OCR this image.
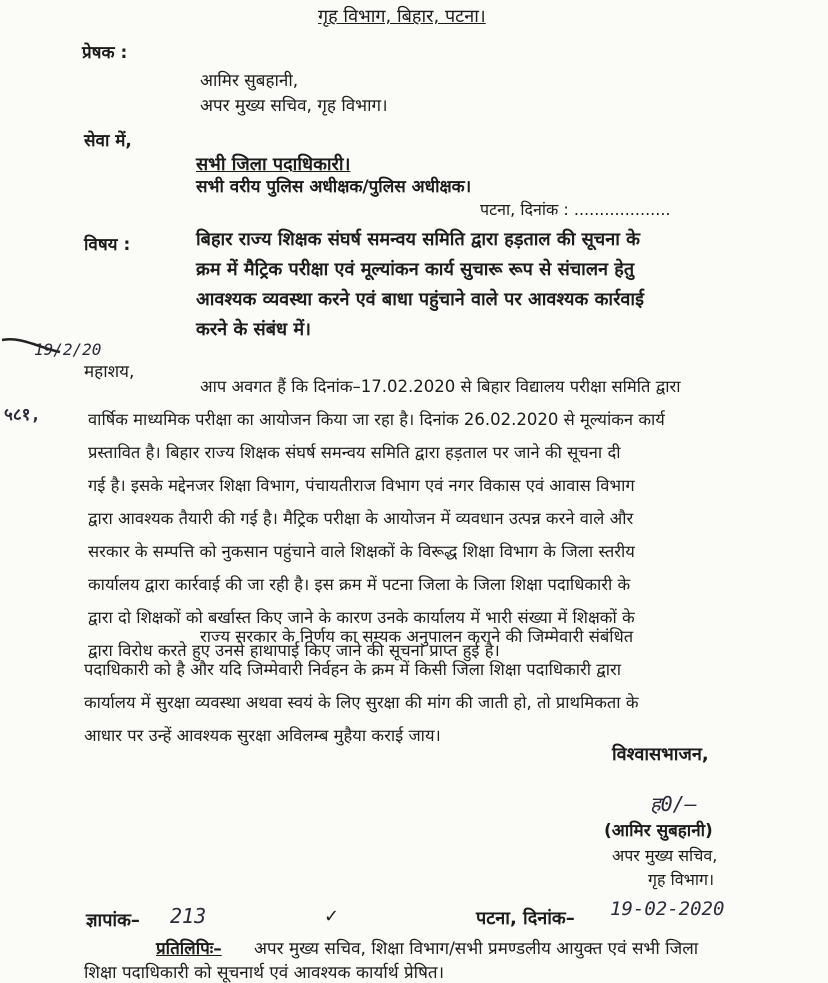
गृह विभाग, बिहार, पटना।
प्रेषक :
आमिर सुबहानी,
अपर मुख्य सचिव, गृह विभाग।
सेवा में,
सभी जिला पदाधिकारी।
सभी वरीय पुलिस अधीक्षक/पुलिस अधीक्षक।
पटना, दिनांक : ...................
विषय :	बिहार राज्य शिक्षक संघर्ष समन्वय समिति द्वारा हड़ताल की सूचना के
क्रम में मैट्रिक परीक्षा एवं मूल्यांकन कार्य सुचारू रूप से संचालन हेतु
आवश्यक व्यवस्था करने एवं बाधा पहुंचाने वाले पर आवश्यक कार्रवाई
करने के संबंध में।
19/2/20
५८१,
महाशय,
आप अवगत हैं कि दिनांक–17.02.2020 से बिहार विद्यालय परीक्षा समिति द्वारा
वार्षिक माध्यमिक परीक्षा का आयोजन किया जा रहा है। दिनांक 26.02.2020 से मूल्यांकन कार्य
प्रस्तावित है। बिहार राज्य शिक्षक संघर्ष समन्वय समिति द्वारा हड़ताल पर जाने की सूचना दी
गई है। इसके मद्देनजर शिक्षा विभाग, पंचायतीराज विभाग एवं नगर विकास एवं आवास विभाग
द्वारा आवश्यक तैयारी की गई है। मैट्रिक परीक्षा के आयोजन में व्यवधान उत्पन्न करने वाले और
सरकार के सम्पत्ति को नुकसान पहुंचाने वाले शिक्षकों के विरूद्ध शिक्षा विभाग के जिला स्तरीय
कार्यालय द्वारा कार्रवाई की जा रही है। इस क्रम में पटना जिला के जिला शिक्षा पदाधिकारी के
द्वारा दो शिक्षकों को बर्खास्त किए जाने के कारण उनके कार्यालय में भारी संख्या में शिक्षकों के
द्वारा विरोध करते हुए उनसे हाथापाई किए जाने की सूचना प्राप्त हुई है।
राज्य सरकार के निर्णय का सम्यक अनुपालन कराने की जिम्मेवारी संबंधित
पदाधिकारी को है और यदि जिम्मेवारी निर्वहन के क्रम में किसी जिला शिक्षा पदाधिकारी द्वारा
कार्यालय में सुरक्षा व्यवस्था अथवा स्वयं के लिए सुरक्षा की मांग की जाती हो, तो प्राथमिकता के
आधार पर उन्हें आवश्यक सुरक्षा अविलम्ब मुहैया कराई जाय।
विश्वासभाजन,
ह0/–
(आमिर सुबहानी)
अपर मुख्य सचिव,
गृह विभाग।
ज्ञापांक– 213	✓	पटना, दिनांक– 19-02-2020
प्रतिलिपिः– अपर मुख्य सचिव, शिक्षा विभाग/सभी प्रमण्डलीय आयुक्त एवं सभी जिला
शिक्षा पदाधिकारी को सूचनार्थ एवं आवश्यक कार्यार्थ प्रेषित।
